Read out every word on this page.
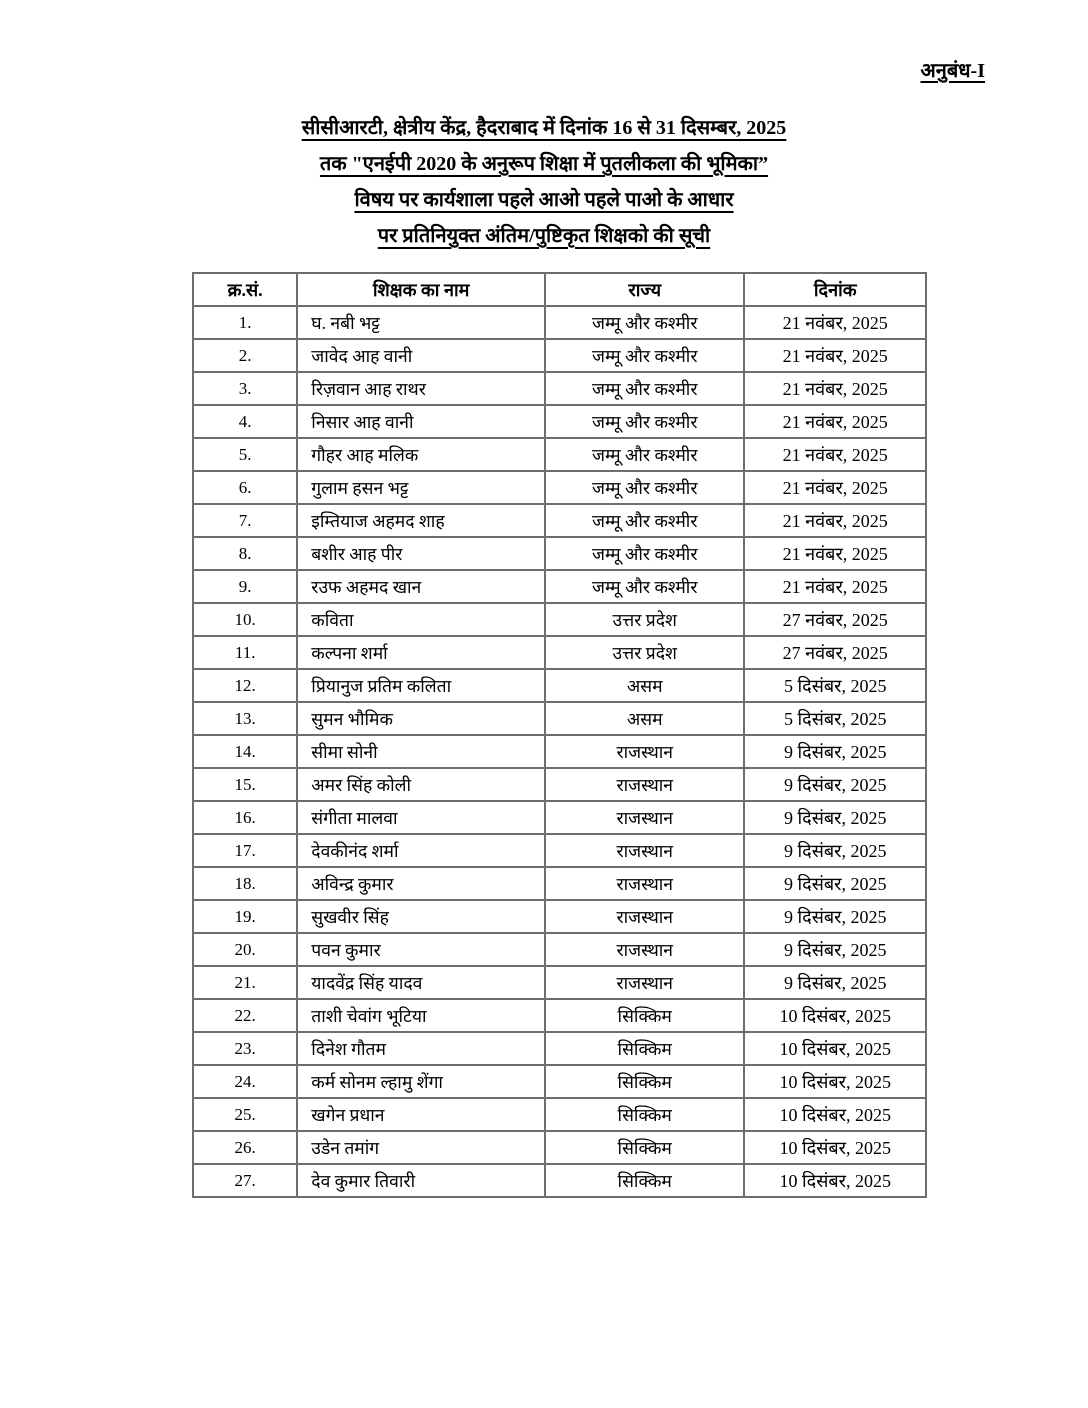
अनुबंध-I
सीसीआरटी, क्षेत्रीय केंद्र, हैदराबाद में दिनांक 16 से 31 दिसम्बर, 2025
तक "एनईपी 2020 के अनुरूप शिक्षा में पुतलीकला की भूमिका”
विषय पर कार्यशाला पहले आओ पहले पाओ के आधार
पर प्रतिनियुक्त अंतिम/पुष्टिकृत शिक्षको की सूची
क्र.सं.	शिक्षक का नाम	राज्य	दिनांक
1.	घ. नबी भट्ट	जम्मू और कश्मीर	21 नवंबर, 2025
2.	जावेद आह वानी	जम्मू और कश्मीर	21 नवंबर, 2025
3.	रिज़वान आह राथर	जम्मू और कश्मीर	21 नवंबर, 2025
4.	निसार आह वानी	जम्मू और कश्मीर	21 नवंबर, 2025
5.	गौहर आह मलिक	जम्मू और कश्मीर	21 नवंबर, 2025
6.	गुलाम हसन भट्ट	जम्मू और कश्मीर	21 नवंबर, 2025
7.	इम्तियाज अहमद शाह	जम्मू और कश्मीर	21 नवंबर, 2025
8.	बशीर आह पीर	जम्मू और कश्मीर	21 नवंबर, 2025
9.	रउफ अहमद खान	जम्मू और कश्मीर	21 नवंबर, 2025
10.	कविता	उत्तर प्रदेश	27 नवंबर, 2025
11.	कल्पना शर्मा	उत्तर प्रदेश	27 नवंबर, 2025
12.	प्रियानुज प्रतिम कलिता	असम	5 दिसंबर, 2025
13.	सुमन भौमिक	असम	5 दिसंबर, 2025
14.	सीमा सोनी	राजस्थान	9 दिसंबर, 2025
15.	अमर सिंह कोली	राजस्थान	9 दिसंबर, 2025
16.	संगीता मालवा	राजस्थान	9 दिसंबर, 2025
17.	देवकीनंद शर्मा	राजस्थान	9 दिसंबर, 2025
18.	अविन्द्र कुमार	राजस्थान	9 दिसंबर, 2025
19.	सुखवीर सिंह	राजस्थान	9 दिसंबर, 2025
20.	पवन कुमार	राजस्थान	9 दिसंबर, 2025
21.	यादवेंद्र सिंह यादव	राजस्थान	9 दिसंबर, 2025
22.	ताशी चेवांग भूटिया	सिक्किम	10 दिसंबर, 2025
23.	दिनेश गौतम	सिक्किम	10 दिसंबर, 2025
24.	कर्म सोनम ल्हामु शेंगा	सिक्किम	10 दिसंबर, 2025
25.	खगेन प्रधान	सिक्किम	10 दिसंबर, 2025
26.	उडेन तमांग	सिक्किम	10 दिसंबर, 2025
27.	देव कुमार तिवारी	सिक्किम	10 दिसंबर, 2025
